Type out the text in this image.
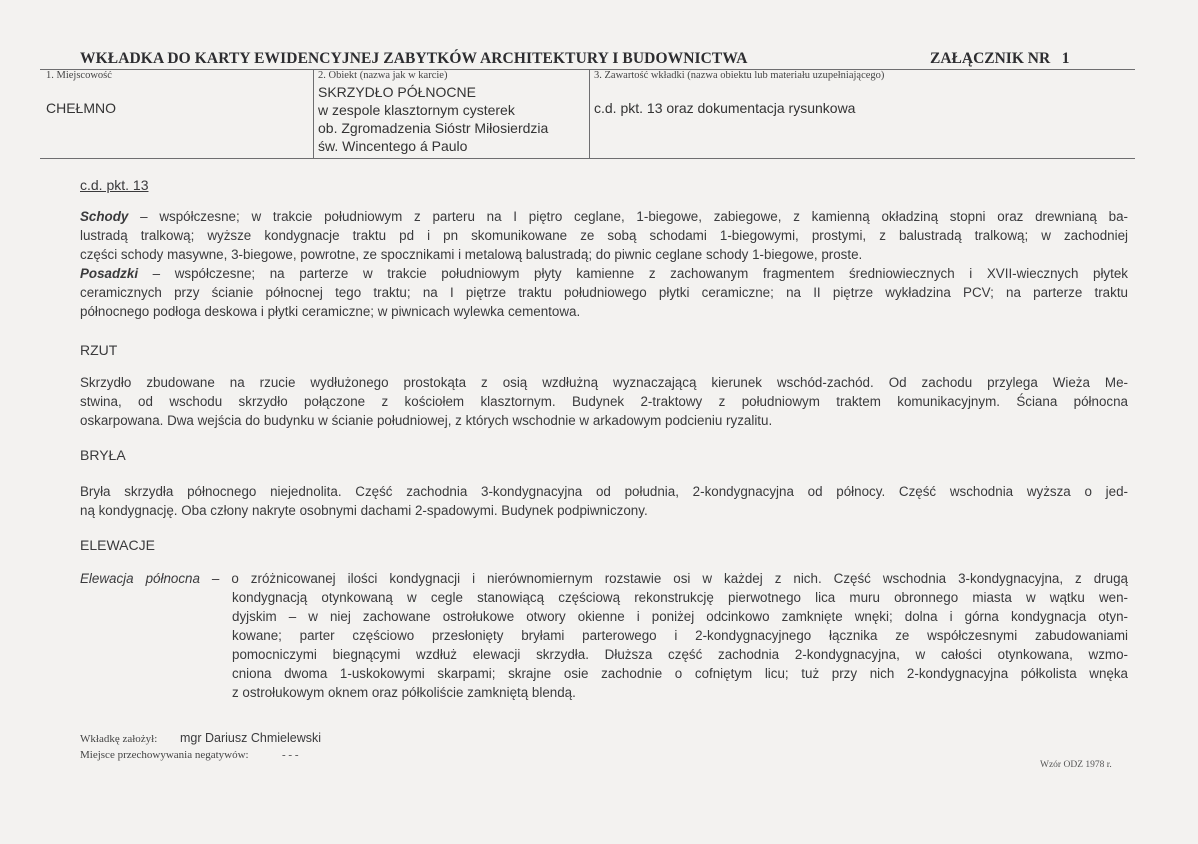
WKŁADKA DO KARTY EWIDENCYJNEJ ZABYTKÓW ARCHITEKTURY I BUDOWNICTWA	ZAŁĄCZNIK NR   1
1. Miejscowość
CHEŁMNO
2. Obiekt (nazwa jak w karcie)
SKRZYDŁO PÓŁNOCNE
w zespole klasztornym cysterek
ob. Zgromadzenia Sióstr Miłosierdzia
św. Wincentego á Paulo
3. Zawartość wkładki (nazwa obiektu lub materiału uzupełniającego)
c.d. pkt. 13 oraz dokumentacja rysunkowa
c.d. pkt. 13
Schody – współczesne; w trakcie południowym z parteru na I piętro ceglane, 1-biegowe, zabiegowe, z kamienną okładziną stopni oraz drewnianą ba-
lustradą tralkową; wyższe kondygnacje traktu pd i pn skomunikowane ze sobą schodami 1-biegowymi, prostymi, z balustradą tralkową; w zachodniej
części schody masywne, 3-biegowe, powrotne, ze spocznikami i metalową balustradą; do piwnic ceglane schody 1-biegowe, proste.
Posadzki – współczesne; na parterze w trakcie południowym płyty kamienne z zachowanym fragmentem średniowiecznych i XVII-wiecznych płytek
ceramicznych przy ścianie północnej tego traktu; na I piętrze traktu południowego płytki ceramiczne; na II piętrze wykładzina PCV; na parterze traktu
północnego podłoga deskowa i płytki ceramiczne; w piwnicach wylewka cementowa.
Skrzydło zbudowane na rzucie wydłużonego prostokąta z osią wzdłużną wyznaczającą kierunek wschód-zachód. Od zachodu przylega Wieża Me-
stwina, od wschodu skrzydło połączone z kościołem klasztornym. Budynek 2-traktowy z południowym traktem komunikacyjnym. Ściana północna
oskarpowana. Dwa wejścia do budynku w ścianie południowej, z których wschodnie w arkadowym podcieniu ryzalitu.
Bryła skrzydła północnego niejednolita. Część zachodnia 3-kondygnacyjna od południa, 2-kondygnacyjna od północy. Część wschodnia wyższa o jed-
ną kondygnację. Oba człony nakryte osobnymi dachami 2-spadowymi. Budynek podpiwniczony.
Elewacja północna – o zróżnicowanej ilości kondygnacji i nierównomiernym rozstawie osi w każdej z nich. Część wschodnia 3-kondygnacyjna, z drugą
kondygnacją otynkowaną w cegle stanowiącą częściową rekonstrukcję pierwotnego lica muru obronnego miasta w wątku wen-
dyjskim – w niej zachowane ostrołukowe otwory okienne i poniżej odcinkowo zamknięte wnęki; dolna i górna kondygnacja otyn-
kowane; parter częściowo przesłonięty bryłami parterowego i 2-kondygnacyjnego łącznika ze współczesnymi zabudowaniami
pomocniczymi biegnącymi wzdłuż elewacji skrzydła. Dłuższa część zachodnia 2-kondygnacyjna, w całości otynkowana, wzmo-
cniona dwoma 1-uskokowymi skarpami; skrajne osie zachodnie o cofniętym licu; tuż przy nich 2-kondygnacyjna półkolista wnęka
z ostrołukowym oknem oraz półkoliście zamkniętą blendą.
RZUT
BRYŁA
ELEWACJE
Wkładkę założył: mgr Dariusz Chmielewski
Miejsce przechowywania negatywów:	- - -
Wzór ODZ 1978 r.
